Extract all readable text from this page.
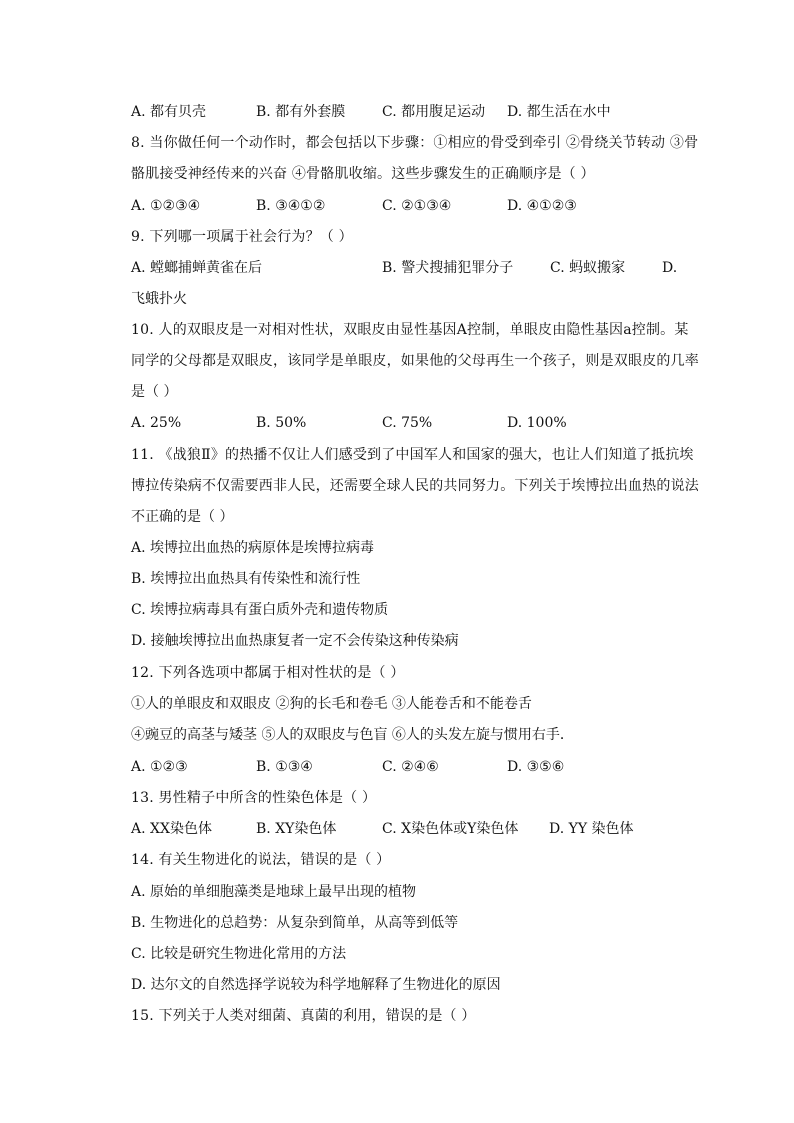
A. 都有贝壳	B. 都有外套膜	C. 都用腹足运动 D. 都生活在水中
8. 当你做任何一个动作时，都会包括以下步骤：①相应的骨受到牵引 ②骨绕关节转动 ③骨
骼肌接受神经传来的兴奋 ④骨骼肌收缩。这些步骤发生的正确顺序是（ ）
A. ①②③④	B. ③④①②	C. ②①③④	D. ④①②③
9. 下列哪一项属于社会行为？（ ）
A. 螳螂捕蝉黄雀在后	B. 警犬搜捕犯罪分子	C. 蚂蚁搬家	D.
飞蛾扑火
10. 人的双眼皮是一对相对性状，双眼皮由显性基因A控制，单眼皮由隐性基因a控制。某
同学的父母都是双眼皮，该同学是单眼皮，如果他的父母再生一个孩子，则是双眼皮的几率
是（ ）
A. 25%	B. 50%	C. 75%	D. 100%
11. 《战狼Ⅱ》的热播不仅让人们感受到了中国军人和国家的强大，也让人们知道了抵抗埃
博拉传染病不仅需要西非人民，还需要全球人民的共同努力。下列关于埃博拉出血热的说法
不正确的是（ ）
A. 埃博拉出血热的病原体是埃博拉病毒
B. 埃博拉出血热具有传染性和流行性
C. 埃博拉病毒具有蛋白质外壳和遗传物质
D. 接触埃博拉出血热康复者一定不会传染这种传染病
12. 下列各选项中都属于相对性状的是（ ）
①人的单眼皮和双眼皮 ②狗的长毛和卷毛 ③人能卷舌和不能卷舌
④豌豆的高茎与矮茎 ⑤人的双眼皮与色盲 ⑥人的头发左旋与惯用右手．
A. ①②③	B. ①③④	C. ②④⑥	D. ③⑤⑥
13. 男性精子中所含的性染色体是（ ）
A. XX染色体	B. XY染色体	C. X染色体或Y染色体 D. YY 染色体
14. 有关生物进化的说法，错误的是（ ）
A. 原始的单细胞藻类是地球上最早出现的植物
B. 生物进化的总趋势：从复杂到简单，从高等到低等
C. 比较是研究生物进化常用的方法
D. 达尔文的自然选择学说较为科学地解释了生物进化的原因
15. 下列关于人类对细菌、真菌的利用，错误的是（ ）
